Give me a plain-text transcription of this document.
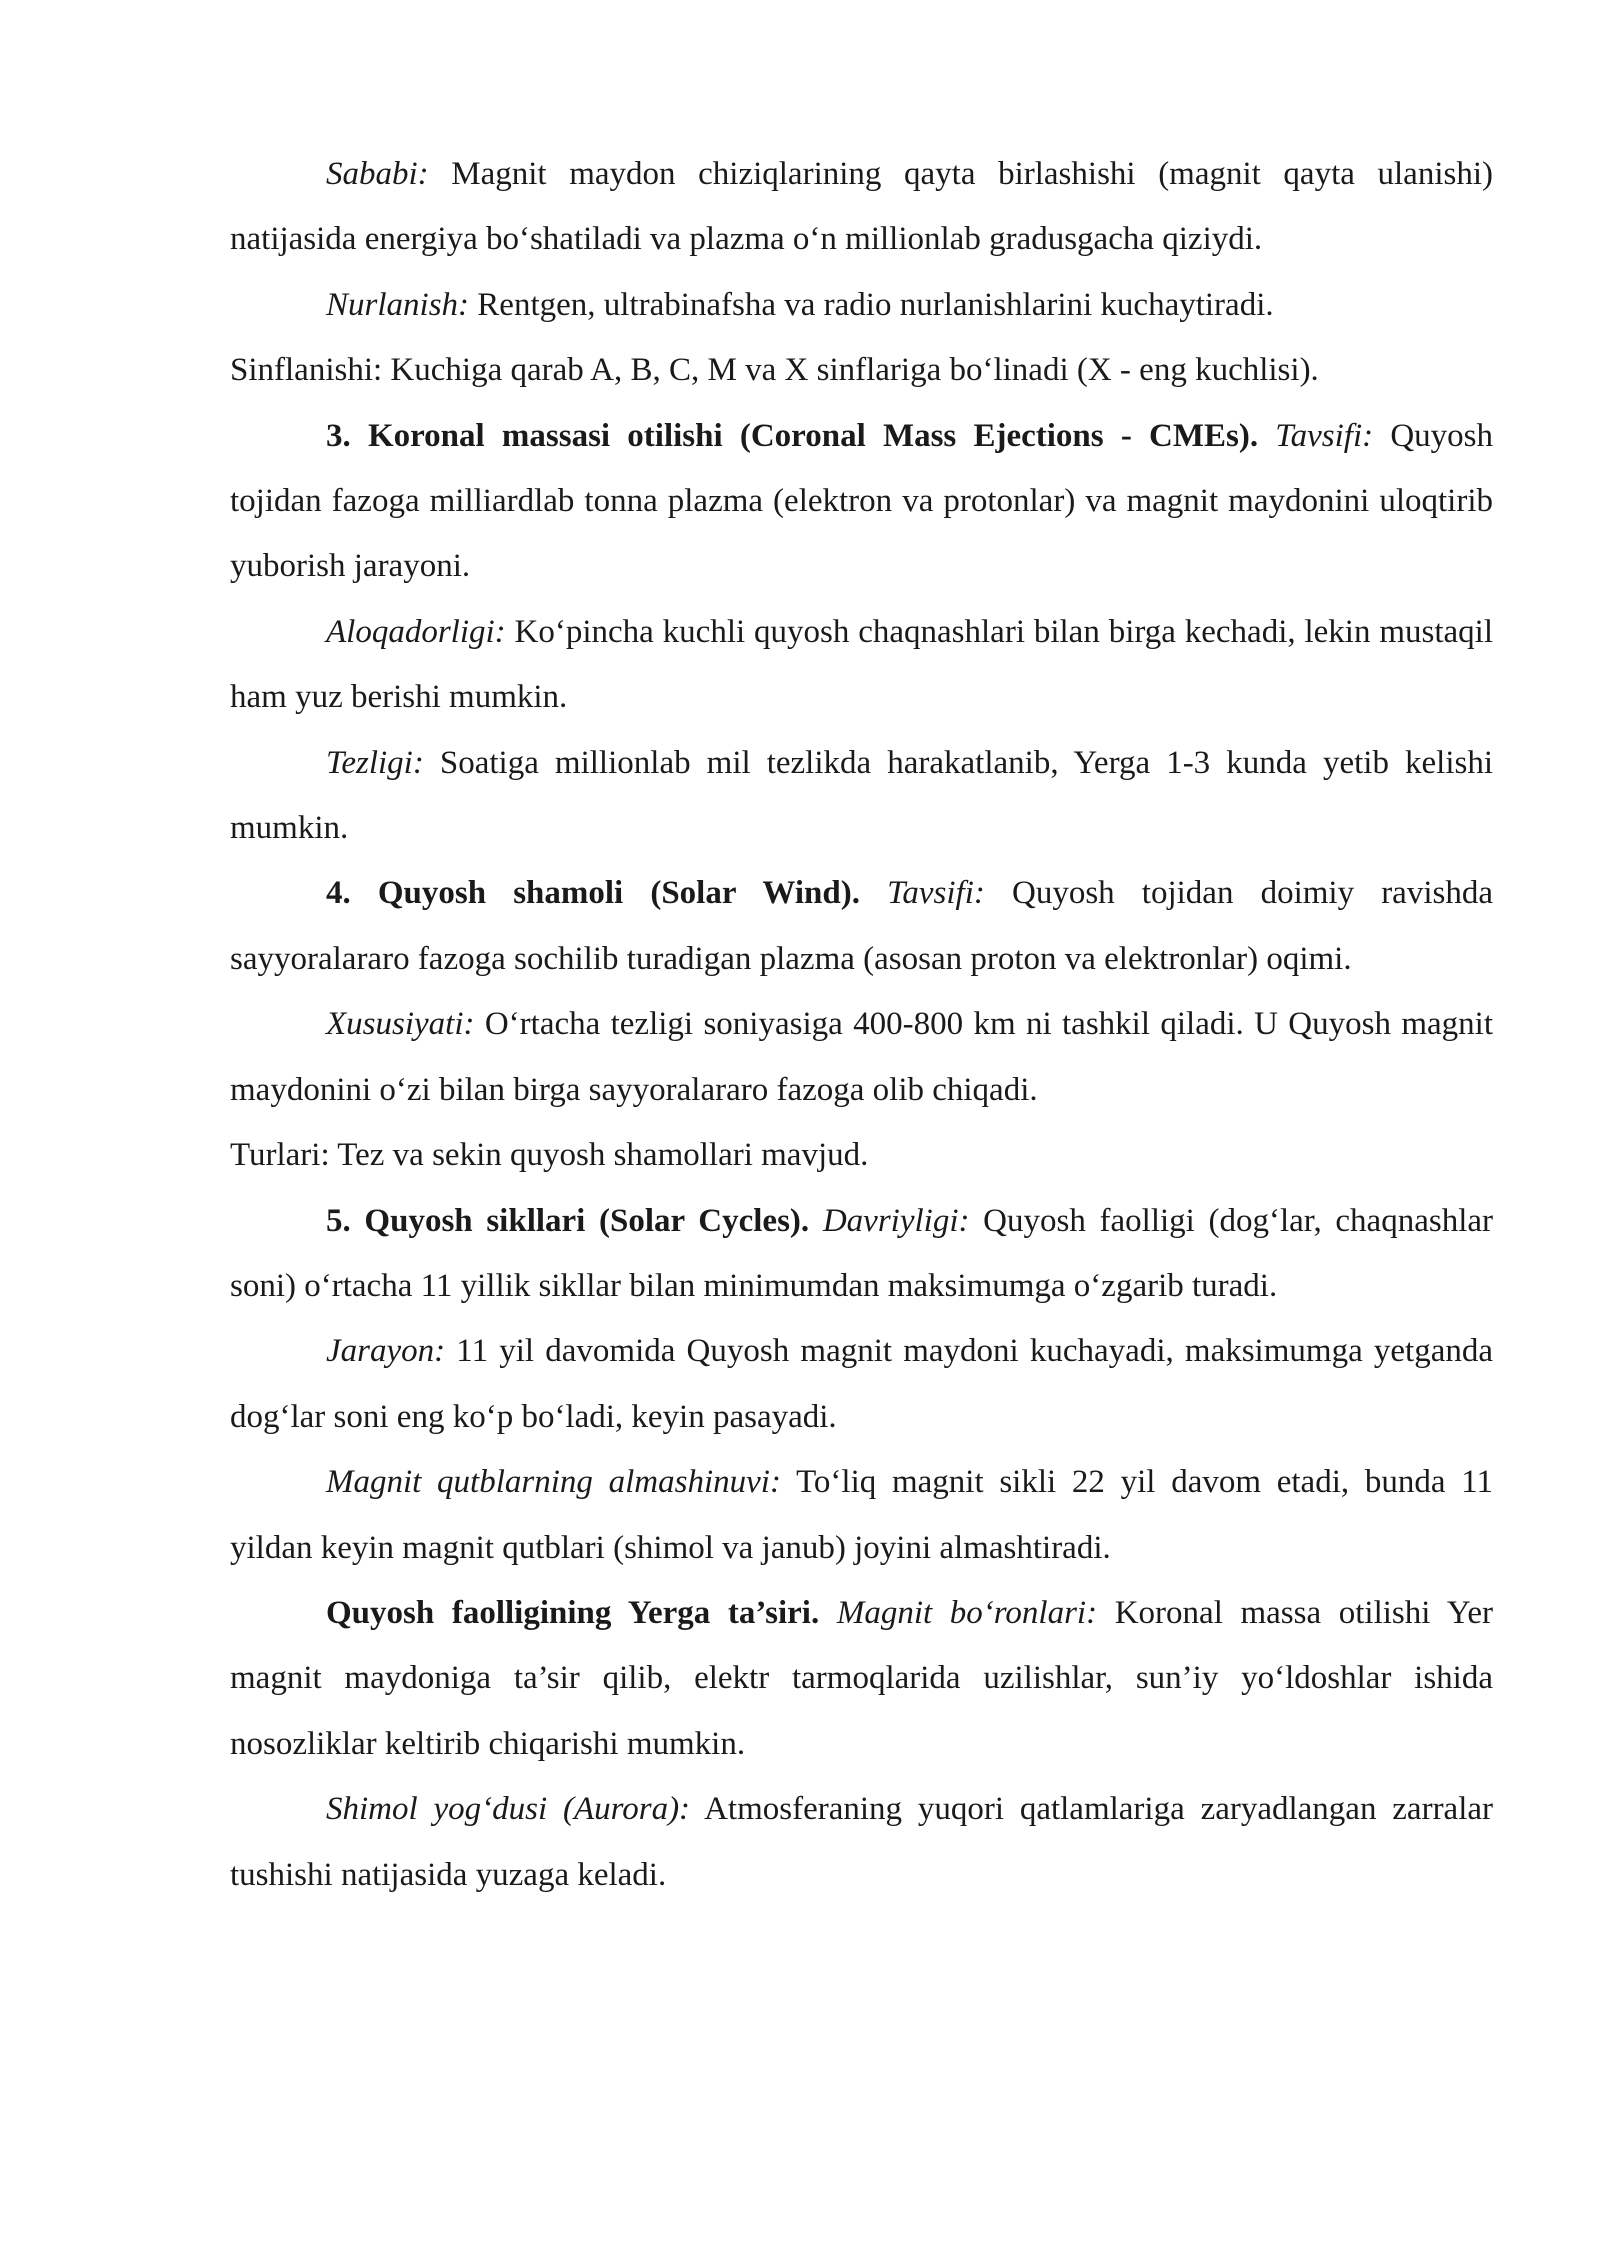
Sababi: Magnit maydon chiziqlarining qayta birlashishi (magnit qayta ulanishi) natijasida energiya bo‘shatiladi va plazma o‘n millionlab gradusgacha qiziydi.

Nurlanish: Rentgen, ultrabinafsha va radio nurlanishlarini kuchaytiradi.

Sinflanishi: Kuchiga qarab A, B, C, M va X sinflariga bo‘linadi (X - eng kuchlisi).

3. Koronal massasi otilishi (Coronal Mass Ejections - CMEs). Tavsifi: Quyosh tojidan fazoga milliardlab tonna plazma (elektron va protonlar) va magnit maydonini uloqtirib yuborish jarayoni.

Aloqadorligi: Ko‘pincha kuchli quyosh chaqnashlari bilan birga kechadi, lekin mustaqil ham yuz berishi mumkin.

Tezligi: Soatiga millionlab mil tezlikda harakatlanib, Yerga 1-3 kunda yetib kelishi mumkin.

4. Quyosh shamoli (Solar Wind). Tavsifi: Quyosh tojidan doimiy ravishda sayyoralararo fazoga sochilib turadigan plazma (asosan proton va elektronlar) oqimi.

Xususiyati: O‘rtacha tezligi soniyasiga 400-800 km ni tashkil qiladi. U Quyosh magnit maydonini o‘zi bilan birga sayyoralararo fazoga olib chiqadi.

Turlari: Tez va sekin quyosh shamollari mavjud.

5. Quyosh sikllari (Solar Cycles). Davriyligi: Quyosh faolligi (dog‘lar, chaqnashlar soni) o‘rtacha 11 yillik sikllar bilan minimumdan maksimumga o‘zgarib turadi.

Jarayon: 11 yil davomida Quyosh magnit maydoni kuchayadi, maksimumga yetganda dog‘lar soni eng ko‘p bo‘ladi, keyin pasayadi.

Magnit qutblarning almashinuvi: To‘liq magnit sikli 22 yil davom etadi, bunda 11 yildan keyin magnit qutblari (shimol va janub) joyini almashtiradi.

Quyosh faolligining Yerga ta’siri. Magnit bo‘ronlari: Koronal massa otilishi Yer magnit maydoniga ta’sir qilib, elektr tarmoqlarida uzilishlar, sun’iy yo‘ldoshlar ishida nosozliklar keltirib chiqarishi mumkin.

Shimol yog‘dusi (Aurora): Atmosferaning yuqori qatlamlariga zaryadlangan zarralar tushishi natijasida yuzaga keladi.
